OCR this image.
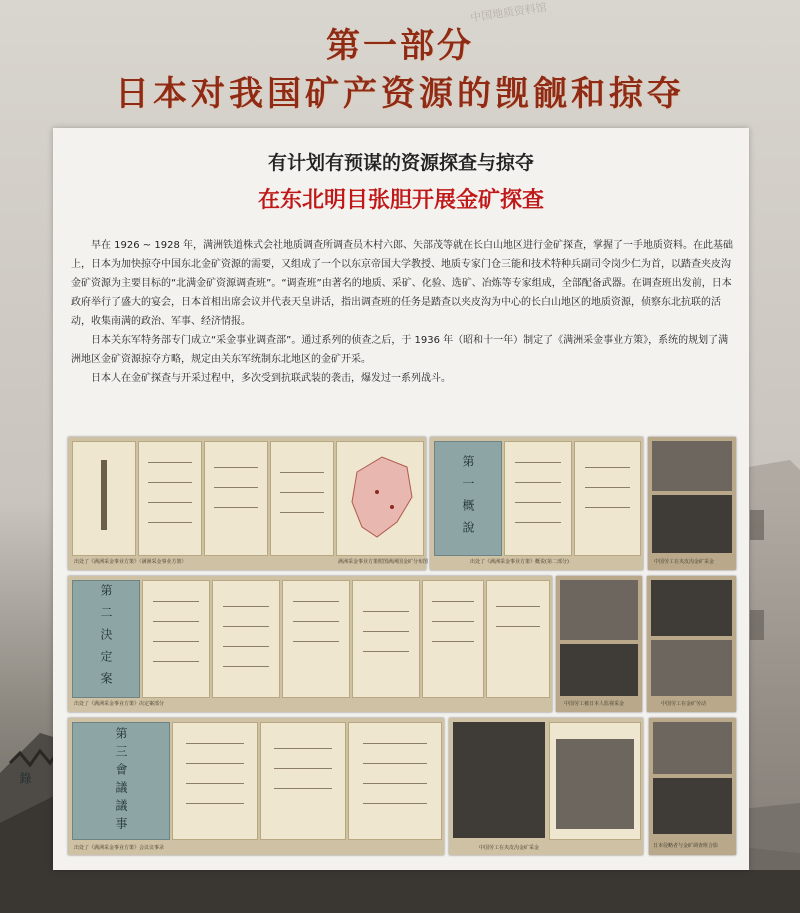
中国地质资料馆
第一部分
日本对我国矿产资源的觊觎和掠夺
有计划有预谋的资源探查与掠夺
在东北明目张胆开展金矿探查

早在 1926 ~ 1928 年，满洲铁道株式会社地质调查所调查员木村六郎、矢部茂等就在长白山地区进行金矿探查，掌握了一手地质资料。在此基础上，日本为加快掠夺中国东北金矿资源的需要，又组成了一个以东京帝国大学教授、地质专家门仓三能和技术特种兵副司令岗少仁为首，以踏查夹皮沟金矿资源为主要目标的“北满金矿资源调查班”。“调查班”由著名的地质、采矿、化验、选矿、冶炼等专家组成，全部配备武器。在调查班出发前，日本政府举行了盛大的宴会，日本首相出席会议并代表天皇讲话，指出调查班的任务是踏查以夹皮沟为中心的长白山地区的地质资源，侦察东北抗联的活动，收集南满的政治、军事、经济情报。

日本关东军特务部专门成立“采金事业调查部”。通过系列的侦查之后，于 1936 年（昭和十一年）制定了《满洲采金事业方策》，系统的规划了满洲地区金矿资源掠夺方略，规定由关东军统制东北地区的金矿开采。

日本人在金矿探查与开采过程中，多次受到抗联武装的袭击，爆发过一系列战斗。

出处了《满洲采金事业方策》（满洲采金事业方策）	满洲采金事业方策附图满洲国金矿分布图
第一概說
出处了《满洲采金事业方策》概说(第二部分)	中国劳工在夹皮沟金矿采金
第二決定案
出处了《满洲采金事业方策》决定案部分	中国劳工被日本人监视采金	中国劳工在金矿劳动
第三會議議事錄
出处了《满洲采金事业方策》会议议事录	中国劳工在夹皮沟金矿采金	日本侵略者与金矿调查班合影
